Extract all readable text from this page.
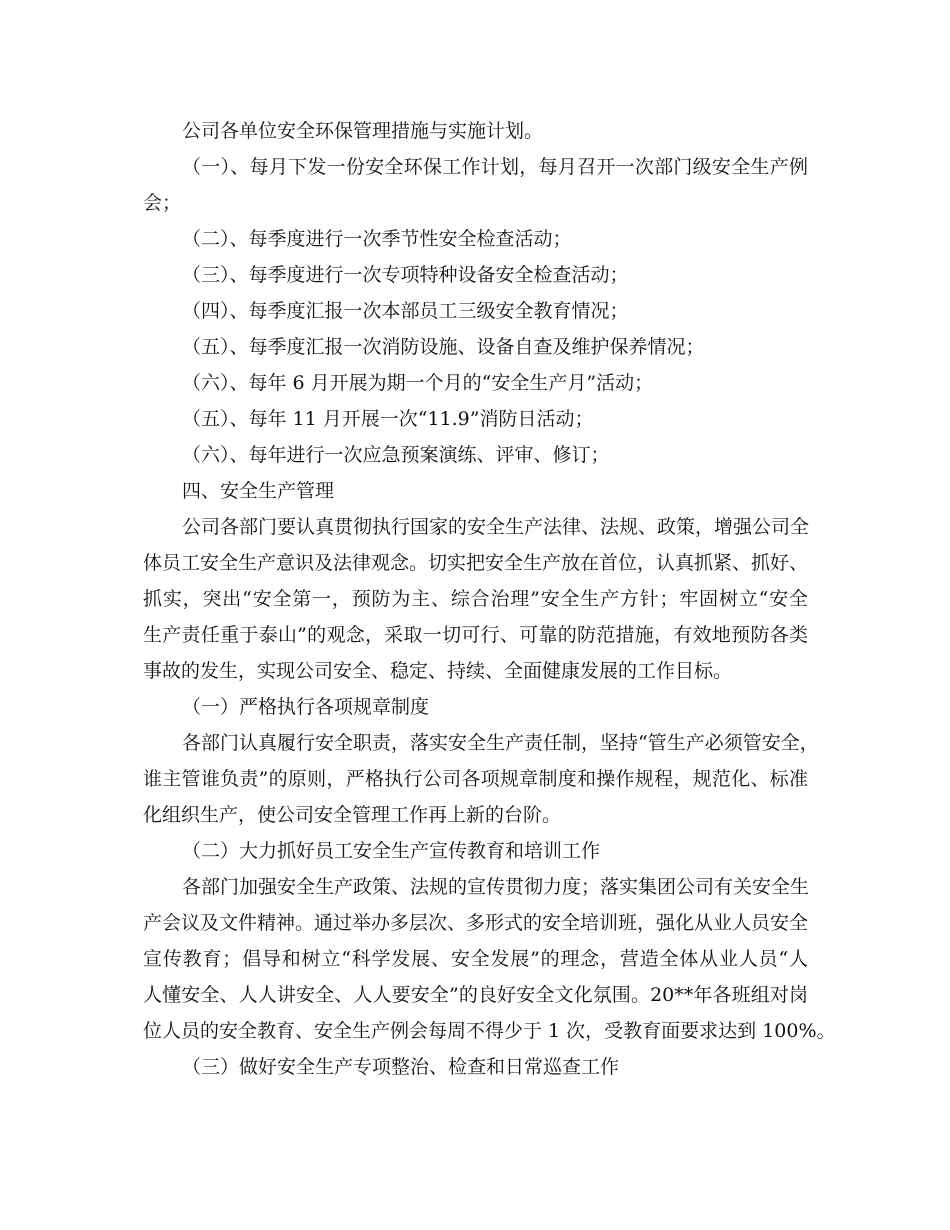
公司各单位安全环保管理措施与实施计划。

（一）、每月下发一份安全环保工作计划，每月召开一次部门级安全生产例

会；

（二）、每季度进行一次季节性安全检查活动；

（三）、每季度进行一次专项特种设备安全检查活动；

（四）、每季度汇报一次本部员工三级安全教育情况；

（五）、每季度汇报一次消防设施、设备自查及维护保养情况；

（六）、每年 6 月开展为期一个月的“安全生产月”活动；

（五）、每年 11 月开展一次“11.9”消防日活动；

（六）、每年进行一次应急预案演练、评审、修订；

四、安全生产管理

公司各部门要认真贯彻执行国家的安全生产法律、法规、政策，增强公司全

体员工安全生产意识及法律观念。切实把安全生产放在首位，认真抓紧、抓好、

抓实，突出“安全第一，预防为主、综合治理”安全生产方针；牢固树立“安全

生产责任重于泰山”的观念，采取一切可行、可靠的防范措施，有效地预防各类

事故的发生，实现公司安全、稳定、持续、全面健康发展的工作目标。

（一）严格执行各项规章制度

各部门认真履行安全职责，落实安全生产责任制，坚持“管生产必须管安全，

谁主管谁负责”的原则，严格执行公司各项规章制度和操作规程，规范化、标准

化组织生产，使公司安全管理工作再上新的台阶。

（二）大力抓好员工安全生产宣传教育和培训工作

各部门加强安全生产政策、法规的宣传贯彻力度；落实集团公司有关安全生

产会议及文件精神。通过举办多层次、多形式的安全培训班，强化从业人员安全

宣传教育；倡导和树立“科学发展、安全发展”的理念，营造全体从业人员“人

人懂安全、人人讲安全、人人要安全”的良好安全文化氛围。20**年各班组对岗

位人员的安全教育、安全生产例会每周不得少于 1 次，受教育面要求达到 100%。

（三）做好安全生产专项整治、检查和日常巡查工作
